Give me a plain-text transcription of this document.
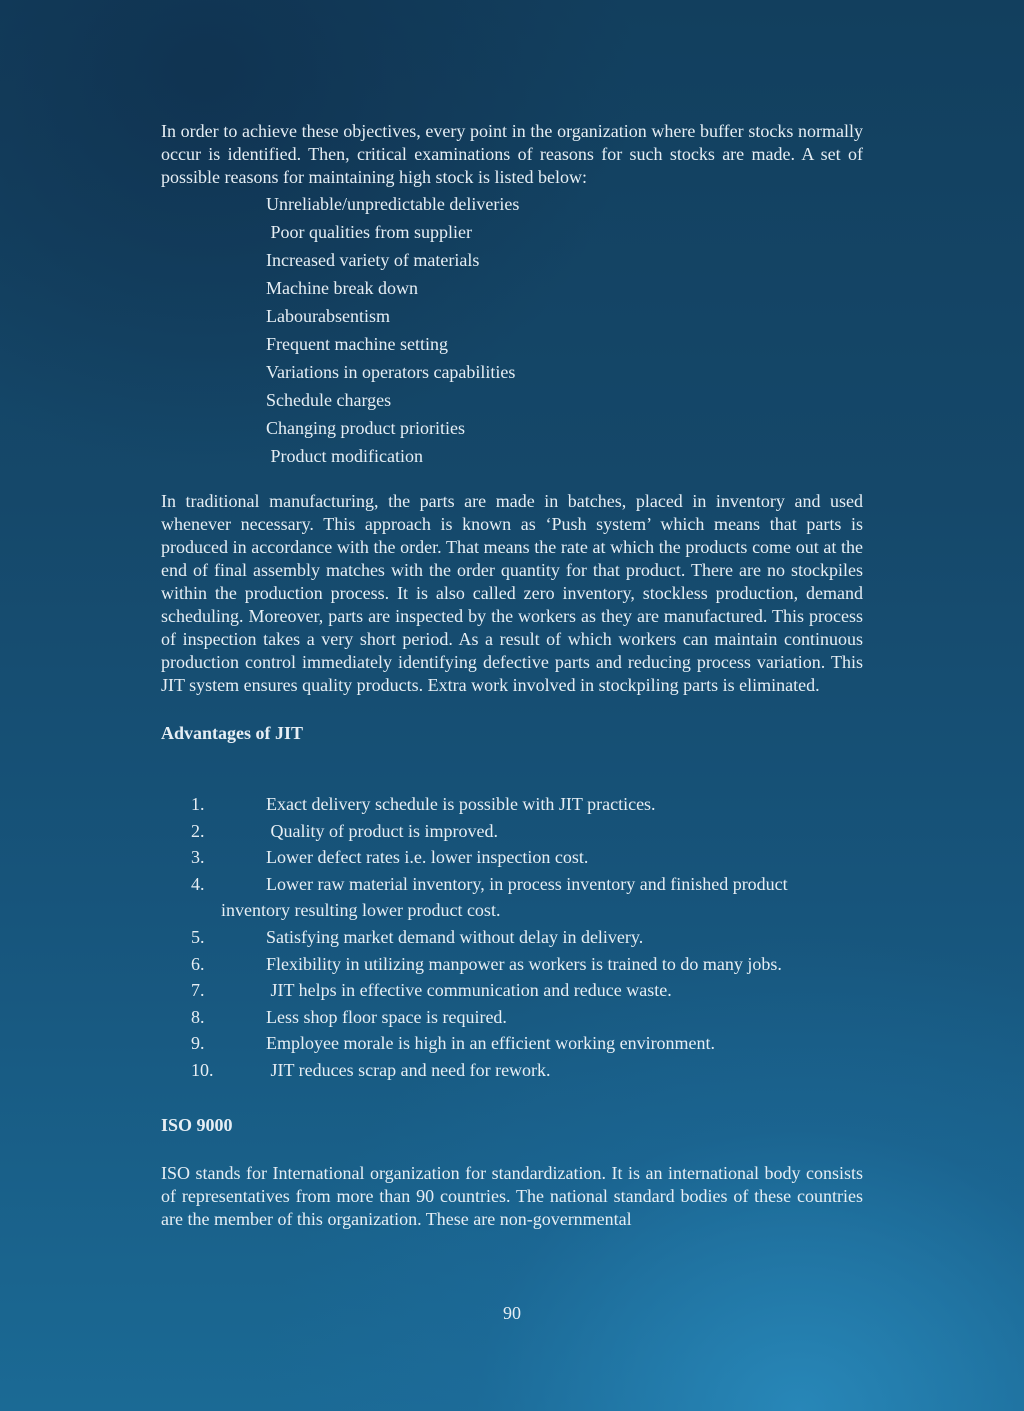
In order to achieve these objectives, every point in the organization where buffer stocks normally occur is identified. Then, critical examinations of reasons for such stocks are made. A set of possible reasons for maintaining high stock is listed below:

Unreliable/unpredictable deliveries
Poor qualities from supplier
Increased variety of materials
Machine break down
Labourabsentism
Frequent machine setting
Variations in operators capabilities
Schedule charges
Changing product priorities
Product modification

In traditional manufacturing, the parts are made in batches, placed in inventory and used whenever necessary. This approach is known as ‘Push system’ which means that parts is produced in accordance with the order. That means the rate at which the products come out at the end of final assembly matches with the order quantity for that product. There are no stockpiles within the production process. It is also called zero inventory, stockless production, demand scheduling. Moreover, parts are inspected by the workers as they are manufactured. This process of inspection takes a very short period. As a result of which workers can maintain continuous production control immediately identifying defective parts and reducing process variation. This JIT system ensures quality products. Extra work involved in stockpiling parts is eliminated.

Advantages of JIT
1.	Exact delivery schedule is possible with JIT practices.
2.	Quality of product is improved.
3.	Lower defect rates i.e. lower inspection cost.
4.	Lower raw material inventory, in process inventory and finished product
inventory resulting lower product cost.
5.	Satisfying market demand without delay in delivery.
6.	Flexibility in utilizing manpower as workers is trained to do many jobs.
7.	JIT helps in effective communication and reduce waste.
8.	Less shop floor space is required.
9.	Employee morale is high in an efficient working environment.
10.	JIT reduces scrap and need for rework.
ISO 9000

ISO stands for International organization for standardization. It is an international body consists of representatives from more than 90 countries. The national standard bodies of these countries are the member of this organization. These are non-governmental

90
